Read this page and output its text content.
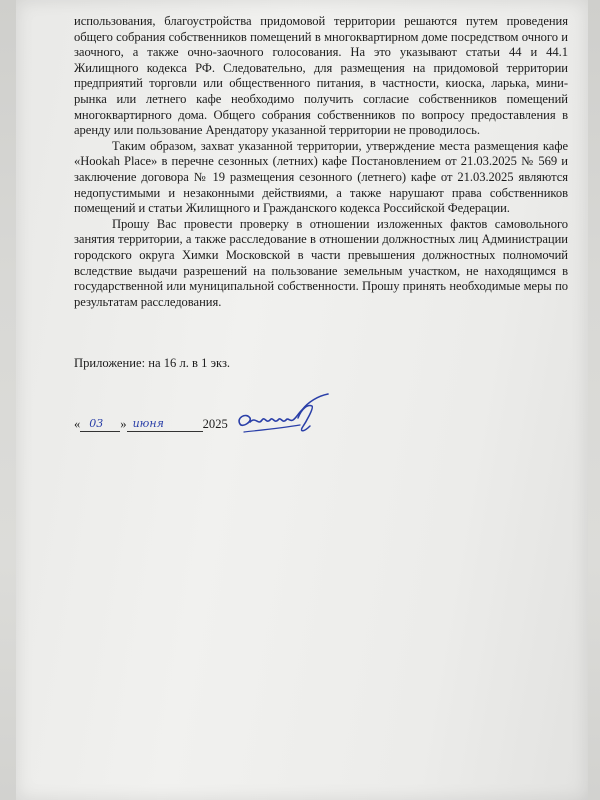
использования, благоустройства придомовой территории решаются путем проведения общего собрания собственников помещений в многоквартирном доме посредством очного и заочного, а также очно-заочного голосования. На это указывают статьи 44 и 44.1 Жилищного кодекса РФ. Следовательно, для размещения на придомовой территории предприятий торговли или общественного питания, в частности, киоска, ларька, мини-рынка или летнего кафе необходимо получить согласие собственников помещений многоквартирного дома. Общего собрания собственников по вопросу предоставления в аренду или пользование Арендатору указанной территории не проводилось.

Таким образом, захват указанной территории, утверждение места размещения кафе «Hookah Place» в перечне сезонных (летних) кафе Постановлением от 21.03.2025 № 569 и заключение договора № 19 размещения сезонного (летнего) кафе от 21.03.2025 являются недопустимыми и незаконными действиями, а также нарушают права собственников помещений и статьи Жилищного и Гражданского кодекса Российской Федерации.

Прошу Вас провести проверку в отношении изложенных фактов самовольного занятия территории, а также расследование в отношении должностных лиц Администрации городского округа Химки Московской в части превышения должностных полномочий вследствие выдачи разрешений на пользование земельным участком, не находящимся в государственной или муниципальной собственности. Прошу принять необходимые меры по результатам расследования.

Приложение: на 16 л. в 1 экз.
« 03 » июня	2025
